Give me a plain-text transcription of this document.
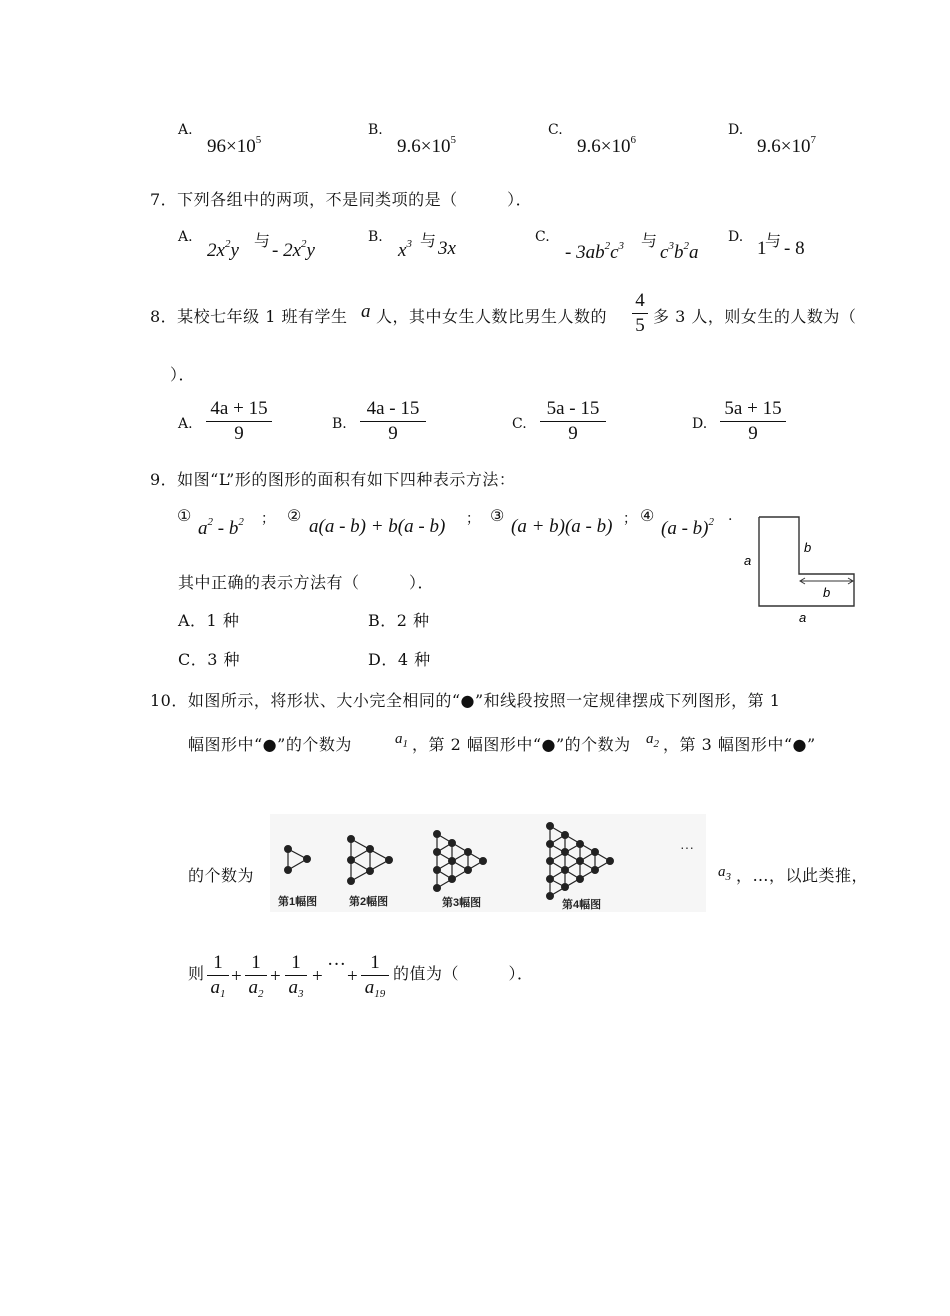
A.
$96\times 10^5$
B.
$9.6\times 10^5$
C.
$9.6\times 10^6$
D.
$9.6\times 10^7$
7．下列各组中的两项，不是同类项的是（　　　）．
A.
$2x^2y$ 与 - $2x^2y$
B.
$x^3$ 与 3x
C.
- $3ab^2c^3$ 与
$c^3b^2a$
D.
1
与 - 8
8．某校七年级 1 班有学生 a 人，其中女生人数比男生人数的
4
5 多 3 人，则女生的人数为（
）．
A.
4a + 15
9	B.
4a - 15
9	C.
5a - 15
9	D.
5a + 15
9
9．如图“L”形的图形的面积有如下四种表示方法：
①
$a^2 - b^2$ ； ②
a(a - b) + b(a - b) ； ③
(a + b)(a - b) ； ④
(a - b)$^2$ .
其中正确的表示方法有（　　　）．
A．1 种	B．2 种
C．3 种	D．4 种
a
b
b
a
10．如图所示，将形状、大小完全相同的“●”和线段按照一定规律摆成下列图形，第 1
幅图形中“●”的个数为	$a_1$ ，第 2 幅图形中“●”的个数为 $a_2$ ，第 3 幅图形中“●”
的个数为
···
第1幅图	第2幅图	第3幅图	第4幅图
$a_3$ ，…，以此类推，
则
1
$a_1$
+
1
$a_2$
+
1
$a_3$
+
···
+
1
$a_{19}$
的值为（　　　）．
